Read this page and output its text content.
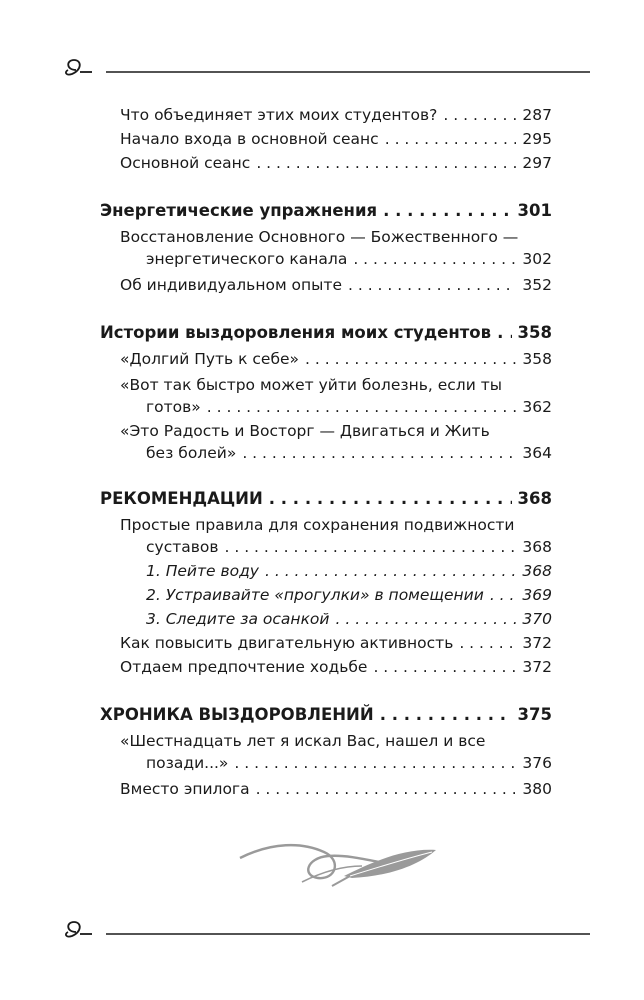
Что объединяет этих моих студентов? . . .	287
Начало входа в основной сеанс . . .	295
Основной сеанс . . .	297
Энергетические упражнения . . .	301
Восстановление Основного — Божественного —
энергетического канала . . .	302
Об индивидуальном опыте . . .	352
Истории выздоровления моих студентов . . . 358
«Долгий Путь к себе» . . .	358
«Вот так быстро может уйти болезнь, если ты
готов» . . .	362
«Это Радость и Восторг — Двигаться и Жить
без болей» . . .	364
РЕКОМЕНДАЦИИ . . .	368
Простые правила для сохранения подвижности
суставов . . .	368
1. Пейте воду . . .	368
2. Устраивайте «прогулки» в помещении . . . 369
3. Следите за осанкой . . .	370
Как повысить двигательную активность . . .	372
Отдаем предпочтение ходьбе . . .	372
ХРОНИКА ВЫЗДОРОВЛЕНИЙ . . .	375
«Шестнадцать лет я искал Вас, нашел и все
позади...» . . .	376
Вместо эпилога . . .	380
